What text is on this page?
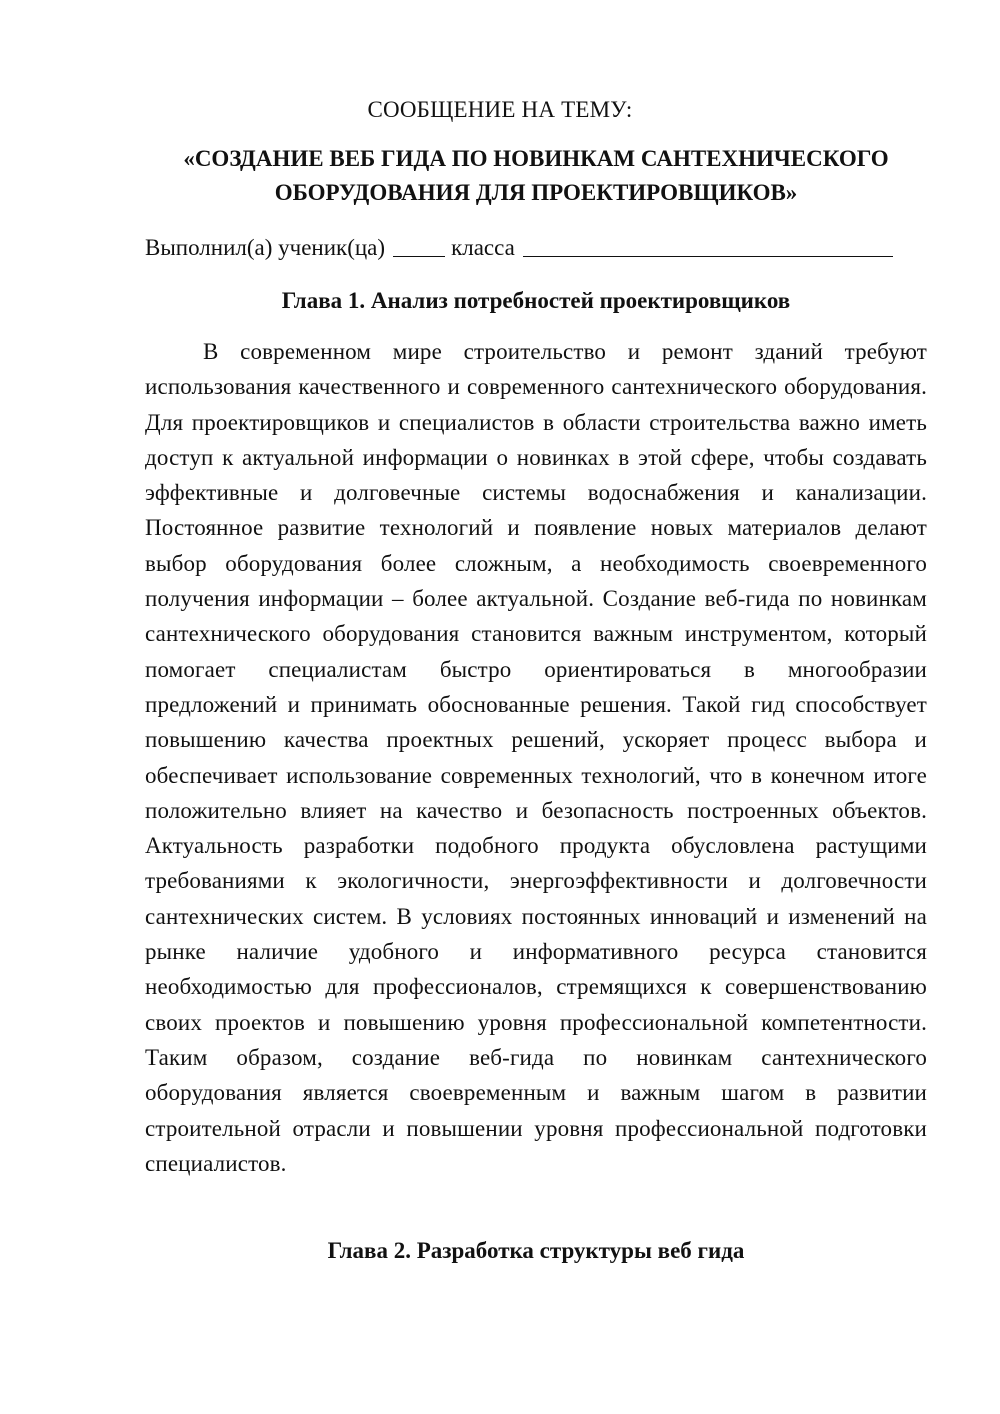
СООБЩЕНИЕ НА ТЕМУ:

«СОЗДАНИЕ ВЕБ ГИДА ПО НОВИНКАМ САНТЕХНИЧЕСКОГО ОБОРУДОВАНИЯ ДЛЯ ПРОЕКТИРОВЩИКОВ»

Выполнил(а) ученик(ца)	класса

Глава 1. Анализ потребностей проектировщиков

В современном мире строительство и ремонт зданий требуют использования качественного и современного сантехнического оборудования. Для проектировщиков и специалистов в области строительства важно иметь доступ к актуальной информации о новинках в этой сфере, чтобы создавать эффективные и долговечные системы водоснабжения и канализации. Постоянное развитие технологий и появление новых материалов делают выбор оборудования более сложным, а необходимость своевременного получения информации – более актуальной. Создание веб-гида по новинкам сантехнического оборудования становится важным инструментом, который помогает специалистам быстро ориентироваться в многообразии предложений и принимать обоснованные решения. Такой гид способствует повышению качества проектных решений, ускоряет процесс выбора и обеспечивает использование современных технологий, что в конечном итоге положительно влияет на качество и безопасность построенных объектов. Актуальность разработки подобного продукта обусловлена растущими требованиями к экологичности, энергоэффективности и долговечности сантехнических систем. В условиях постоянных инноваций и изменений на рынке наличие удобного и информативного ресурса становится необходимостью для профессионалов, стремящихся к совершенствованию своих проектов и повышению уровня профессиональной компетентности. Таким образом, создание веб-гида по новинкам сантехнического оборудования является своевременным и важным шагом в развитии строительной отрасли и повышении уровня профессиональной подготовки специалистов.

Глава 2. Разработка структуры веб гида
